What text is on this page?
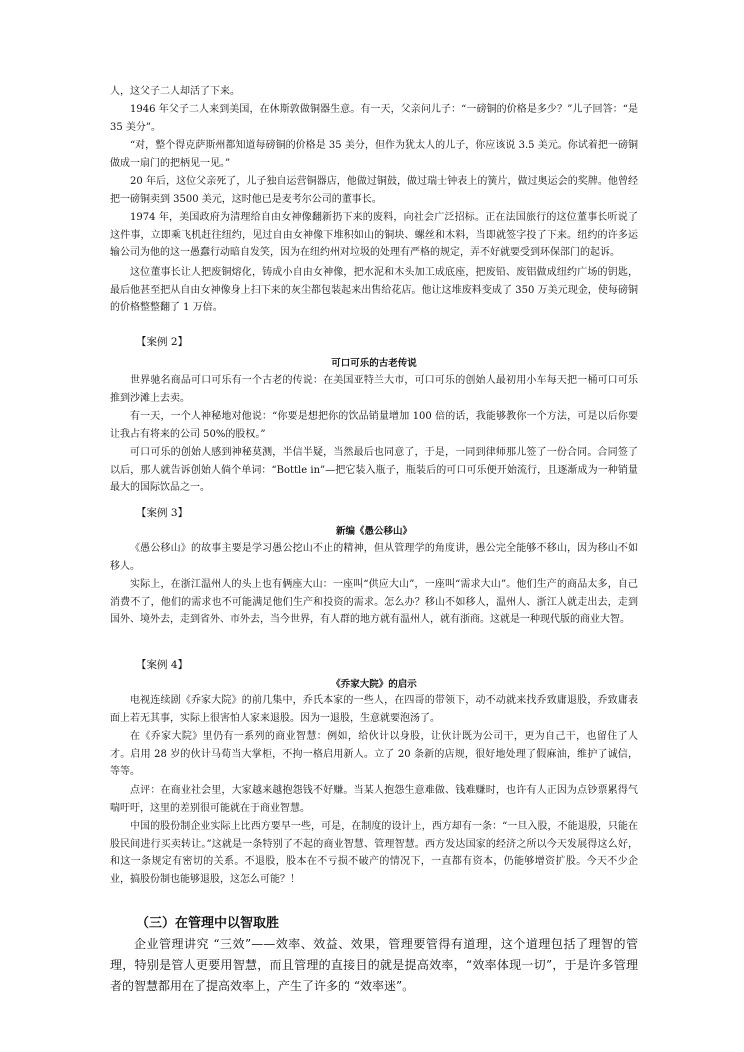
人，这父子二人却活了下来。

1946 年父子二人来到美国，在休斯敦做铜器生意。有一天，父亲问儿子：“一磅铜的价格是多少？”儿子回答：“是 35 美分”。

“对，整个得克萨斯州都知道每磅铜的价格是 35 美分，但作为犹太人的儿子，你应该说 3.5 美元。你试着把一磅铜做成一扇门的把柄见一见。”

20 年后，这位父亲死了，儿子独自运营铜器店，他做过铜鼓，做过瑞士钟表上的簧片，做过奥运会的奖牌。他曾经把一磅铜卖到 3500 美元，这时他已是麦考尔公司的董事长。

1974 年，美国政府为清理给自由女神像翻新扔下来的废料，向社会广泛招标。正在法国旅行的这位董事长听说了这件事，立即乘飞机赶往纽约，见过自由女神像下堆积如山的铜块、螺丝和木料，当即就签字投了下来。纽约的许多运输公司为他的这一愚蠢行动暗自发笑，因为在纽约州对垃圾的处理有严格的规定，弄不好就要受到环保部门的起诉。

这位董事长让人把废铜熔化，铸成小自由女神像，把水泥和木头加工成底座，把废铅、废铝做成纽约广场的钥匙，最后他甚至把从自由女神像身上扫下来的灰尘都包装起来出售给花店。他让这堆废料变成了 350 万美元现金，使每磅铜的价格整整翻了 1 万倍。

【案例 2】

可口可乐的古老传说

世界驰名商品可口可乐有一个古老的传说：在美国亚特兰大市，可口可乐的创始人最初用小车每天把一桶可口可乐推到沙滩上去卖。

有一天，一个人神秘地对他说：“你要是想把你的饮品销量增加 100 倍的话，我能够教你一个方法，可是以后你要让我占有将来的公司 50%的股权。”

可口可乐的创始人感到神秘莫测，半信半疑，当然最后也同意了，于是，一同到律师那儿签了一份合同。合同签了以后，那人就告诉创始人倘个单词：“Bottle in”—把它装入瓶子，瓶装后的可口可乐便开始流行，且逐渐成为一种销量最大的国际饮品之一。

【案例 3】

新编《愚公移山》

《愚公移山》的故事主要是学习愚公挖山不止的精神，但从管理学的角度讲，愚公完全能够不移山，因为移山不如移人。

实际上，在浙江温州人的头上也有俩座大山：一座叫“供应大山”，一座叫“需求大山”。他们生产的商品太多，自己消费不了，他们的需求也不可能满足他们生产和投资的需求。怎么办？移山不如移人，温州人、浙江人就走出去，走到国外、境外去，走到省外、市外去，当今世界，有人群的地方就有温州人，就有浙商。这就是一种现代版的商业大智。

【案例 4】

《乔家大院》的启示

电视连续剧《乔家大院》的前几集中，乔氏本家的一些人，在四哥的带领下，动不动就来找乔致庸退股，乔致庸表面上若无其事，实际上很害怕人家来退股。因为一退股，生意就要泡汤了。

在《乔家大院》里仍有一系列的商业智慧：例如，给伙计以身股，让伙计既为公司干，更为自己干，也留住了人才。启用 28 岁的伙计马荀当大掌柜，不拘一格启用新人。立了 20 条新的店规，很好地处理了假麻油，维护了诚信，等等。

点评：在商业社会里，大家越来越抱怨钱不好赚。当某人抱怨生意难做、钱难赚时，也许有人正因为点钞票累得气喘吁吁，这里的差别很可能就在于商业智慧。

中国的股份制企业实际上比西方要早一些，可是，在制度的设计上，西方却有一条：“一旦入股，不能退股，只能在股民间进行买卖转让。”这就是一条特别了不起的商业智慧、管理智慧。西方发达国家的经济之所以今天发展得这么好，和这一条规定有密切的关系。不退股，股本在不亏损不破产的情况下，一直都有资本，仍能够增资扩股。今天不少企业，搞股份制也能够退股，这怎么可能？！

（三）在管理中以智取胜

企业管理讲究 “三效”——效率、效益、效果，管理要管得有道理，这个道理包括了理智的管理，特别是管人更要用智慧，而且管理的直接目的就是提高效率，“效率体现一切”，于是许多管理者的智慧都用在了提高效率上，产生了许多的 “效率迷”。
